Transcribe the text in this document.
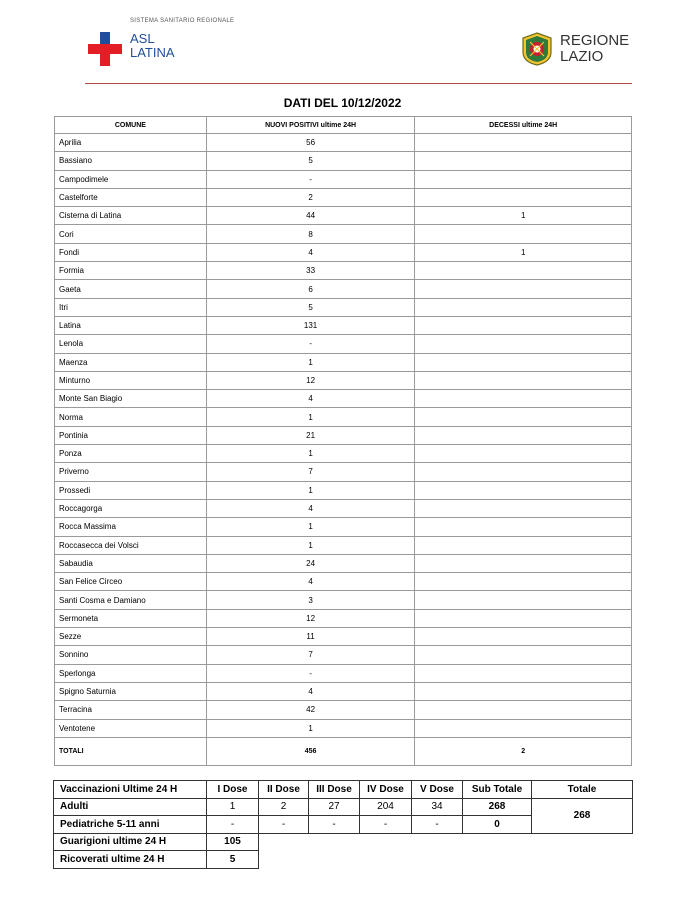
SISTEMA SANITARIO REGIONALE
ASL
LATINA
REGIONE
LAZIO
DATI DEL 10/12/2022
COMUNE	NUOVI POSITIVI ultime 24H	DECESSI ultime 24H
Aprilia	56	
Bassiano	5	
Campodimele	-	
Castelforte	2	
Cisterna di Latina	44	1
Cori	8	
Fondi	4	1
Formia	33	
Gaeta	6	
Itri	5	
Latina	131	
Lenola	-	
Maenza	1	
Minturno	12	
Monte San Biagio	4	
Norma	1	
Pontinia	21	
Ponza	1	
Priverno	7	
Prossedi	1	
Roccagorga	4	
Rocca Massima	1	
Roccasecca dei Volsci	1	
Sabaudia	24	
San Felice Circeo	4	
Santi Cosma e Damiano	3	
Sermoneta	12	
Sezze	11	
Sonnino	7	
Sperlonga	-	
Spigno Saturnia	4	
Terracina	42	
Ventotene	1	
TOTALI	456	2
Vaccinazioni Ultime 24 H	I Dose	II Dose	III Dose	IV Dose	V Dose	Sub Totale	Totale
Adulti	1	2	27	204	34	268	268
Pediatriche 5-11 anni	-	-	-	-	-	0	
Guarigioni ultime 24 H	105						
Ricoverati ultime 24 H	5						
